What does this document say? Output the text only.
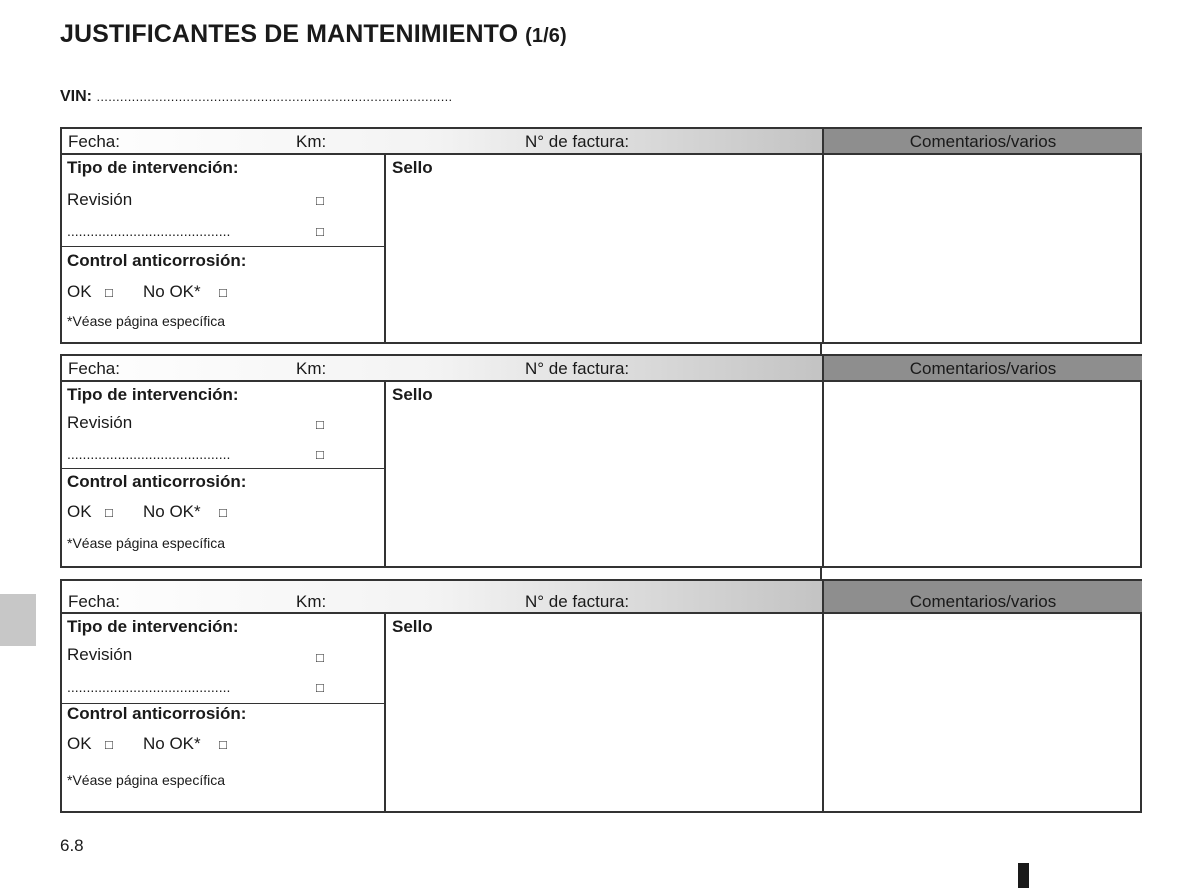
JUSTIFICANTES DE MANTENIMIENTO (1/6)
VIN: ...........................................................................................
Fecha:	Km:	N° de factura:	Comentarios/varios
Tipo de intervención:
Revisión	□
..........................................	□
Control anticorrosión:
OK □ No OK* □
*Véase página específica
Sello
Fecha:	Km:	N° de factura:	Comentarios/varios
Tipo de intervención:
Revisión	□
..........................................	□
Control anticorrosión:
OK □ No OK* □
*Véase página específica
Sello
Fecha:	Km:	N° de factura:	Comentarios/varios
Tipo de intervención:
Revisión	□
..........................................	□
Control anticorrosión:
OK □ No OK* □
*Véase página específica
Sello
6.8
